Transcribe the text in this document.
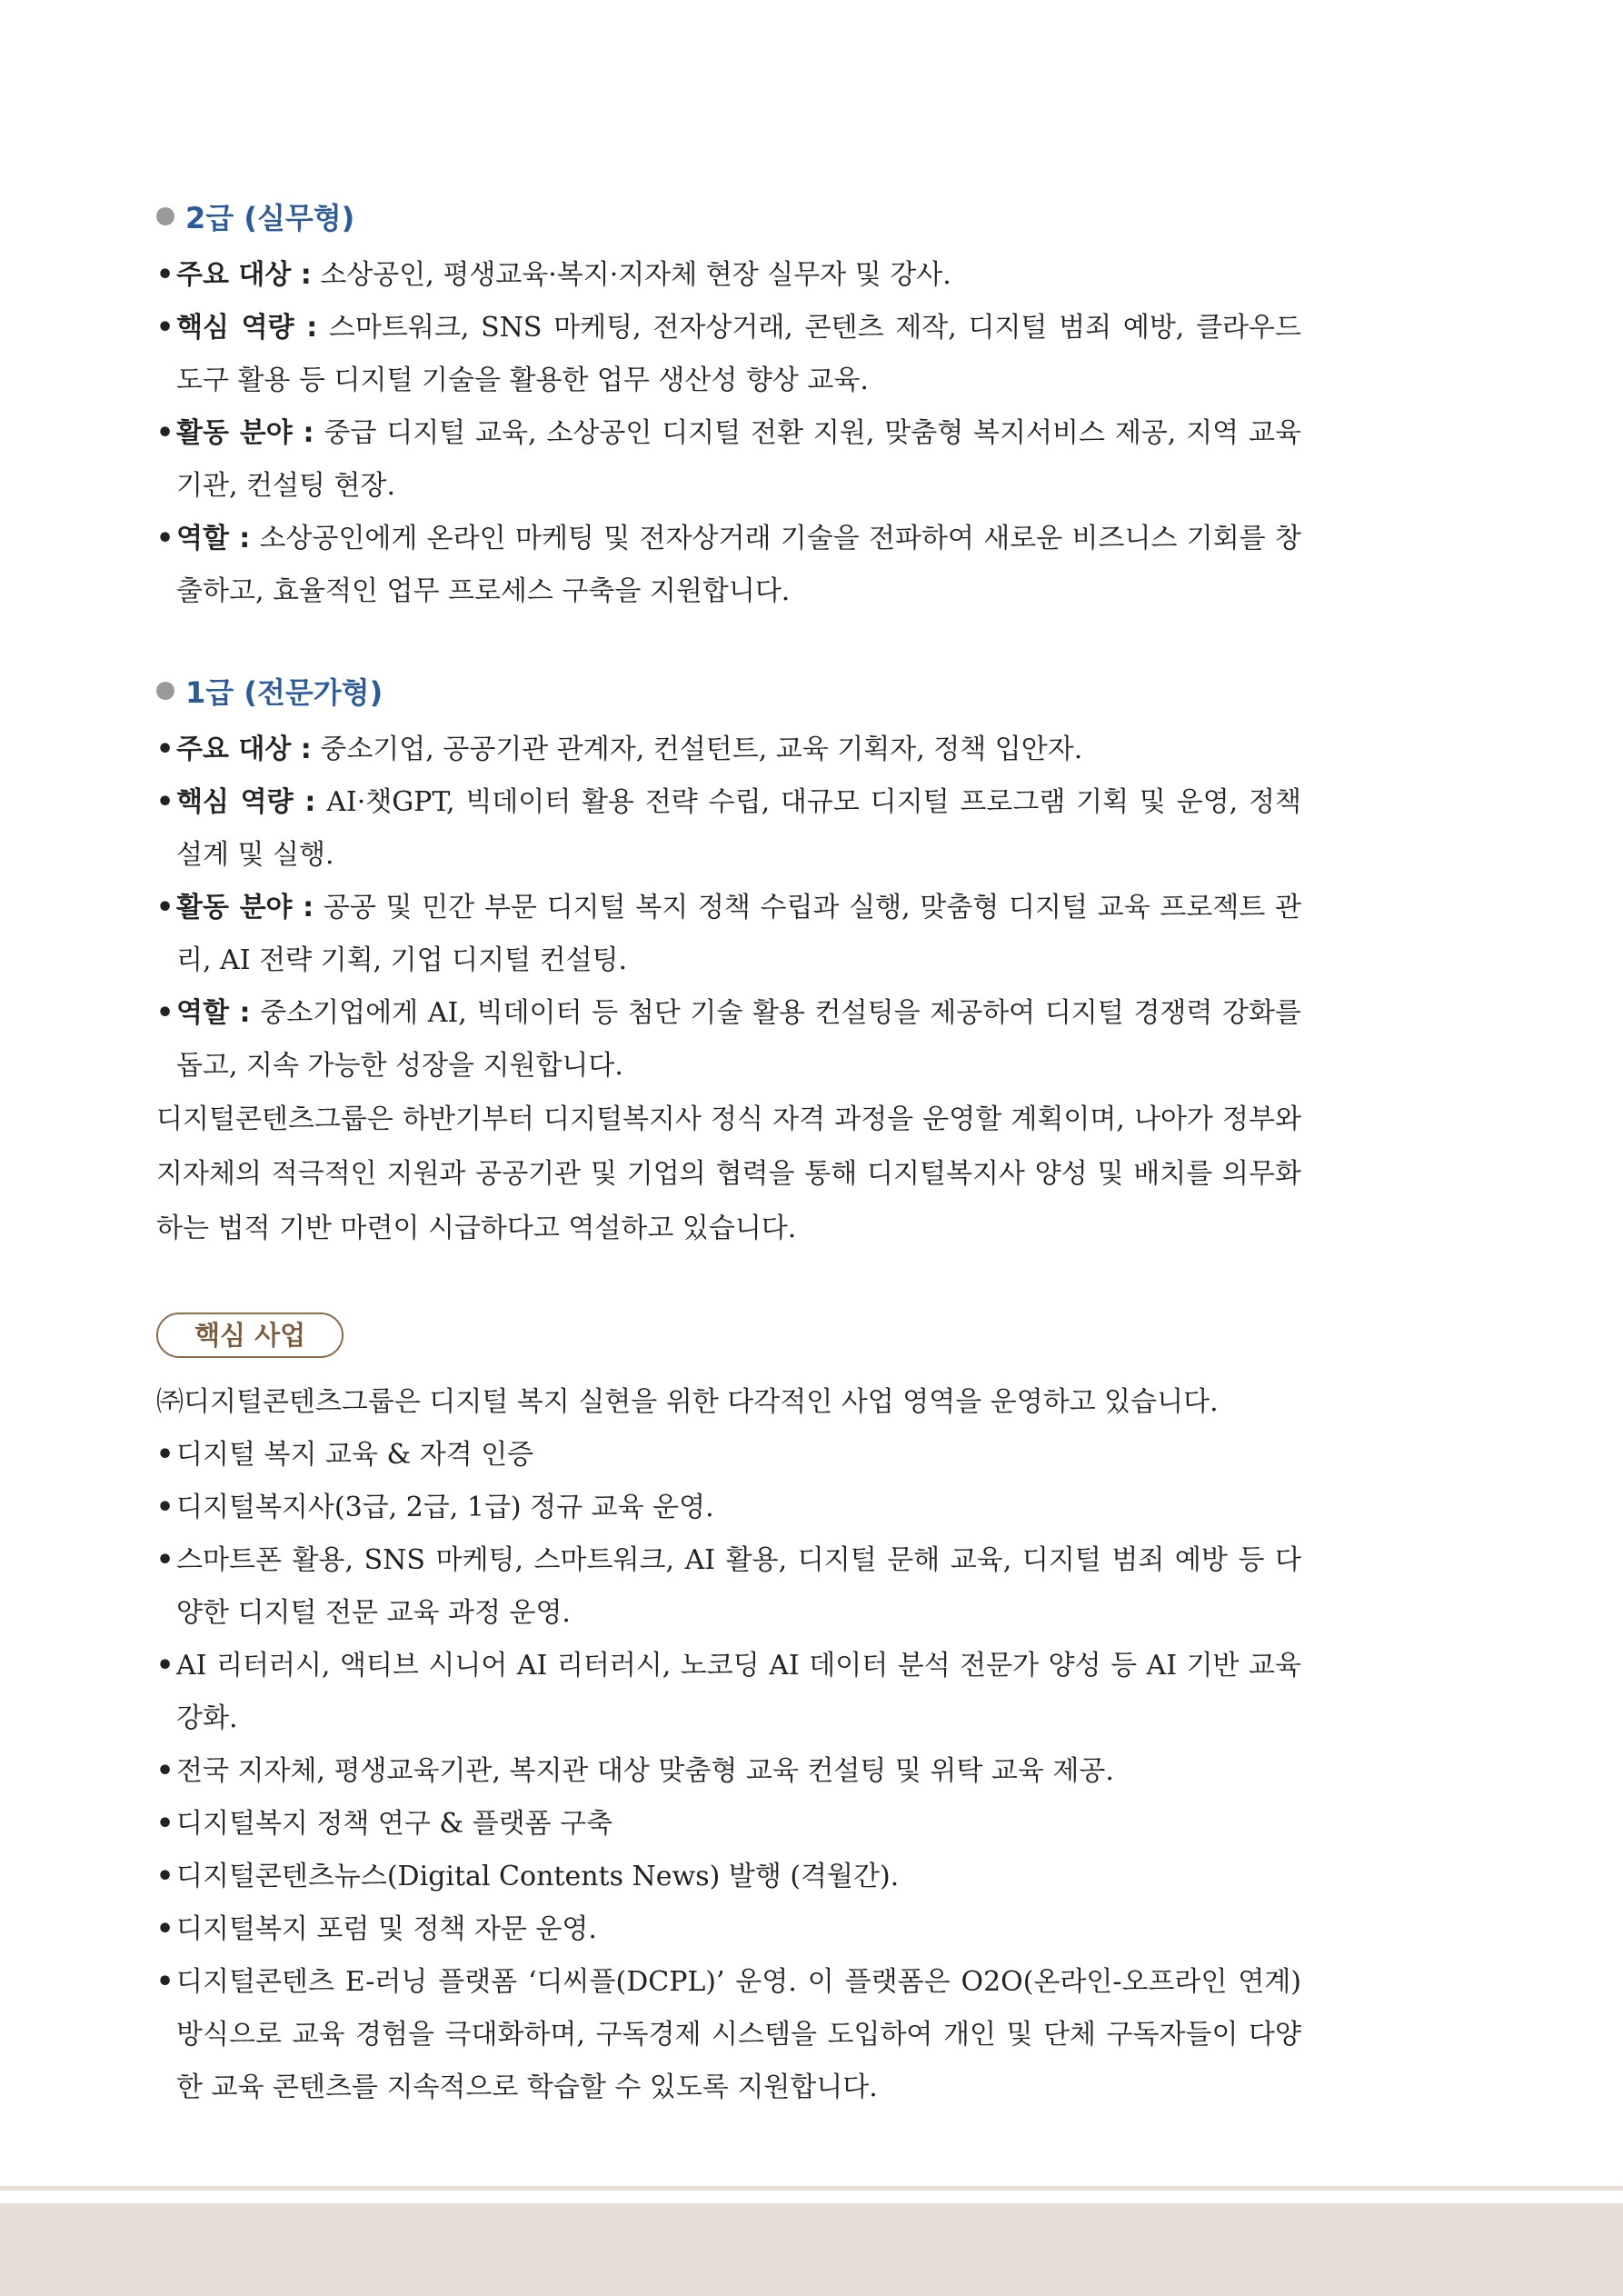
2급 (실무형)
• 주요 대상 : 소상공인, 평생교육·복지·지자체 현장 실무자 및 강사.
• 핵심 역량 : 스마트워크, SNS 마케팅, 전자상거래, 콘텐츠 제작, 디지털 범죄 예방, 클라우드 도구 활용 등 디지털 기술을 활용한 업무 생산성 향상 교육.
• 활동 분야 : 중급 디지털 교육, 소상공인 디지털 전환 지원, 맞춤형 복지서비스 제공, 지역 교육기관, 컨설팅 현장.
• 역할 : 소상공인에게 온라인 마케팅 및 전자상거래 기술을 전파하여 새로운 비즈니스 기회를 창출하고, 효율적인 업무 프로세스 구축을 지원합니다.
1급 (전문가형)
• 주요 대상 : 중소기업, 공공기관 관계자, 컨설턴트, 교육 기획자, 정책 입안자.
• 핵심 역량 : AI·챗GPT, 빅데이터 활용 전략 수립, 대규모 디지털 프로그램 기획 및 운영, 정책 설계 및 실행.
• 활동 분야 : 공공 및 민간 부문 디지털 복지 정책 수립과 실행, 맞춤형 디지털 교육 프로젝트 관리, AI 전략 기획, 기업 디지털 컨설팅.
• 역할 : 중소기업에게 AI, 빅데이터 등 첨단 기술 활용 컨설팅을 제공하여 디지털 경쟁력 강화를 돕고, 지속 가능한 성장을 지원합니다.

디지털콘텐츠그룹은 하반기부터 디지털복지사 정식 자격 과정을 운영할 계획이며, 나아가 정부와 지자체의 적극적인 지원과 공공기관 및 기업의 협력을 통해 디지털복지사 양성 및 배치를 의무화하는 법적 기반 마련이 시급하다고 역설하고 있습니다.

핵심 사업

㈜디지털콘텐츠그룹은 디지털 복지 실현을 위한 다각적인 사업 영역을 운영하고 있습니다.

• 디지털 복지 교육 & 자격 인증
• 디지털복지사(3급, 2급, 1급) 정규 교육 운영.
• 스마트폰 활용, SNS 마케팅, 스마트워크, AI 활용, 디지털 문해 교육, 디지털 범죄 예방 등 다양한 디지털 전문 교육 과정 운영.
• AI 리터러시, 액티브 시니어 AI 리터러시, 노코딩 AI 데이터 분석 전문가 양성 등 AI 기반 교육 강화.
• 전국 지자체, 평생교육기관, 복지관 대상 맞춤형 교육 컨설팅 및 위탁 교육 제공.
• 디지털복지 정책 연구 & 플랫폼 구축
• 디지털콘텐츠뉴스(Digital Contents News) 발행 (격월간).
• 디지털복지 포럼 및 정책 자문 운영.
• 디지털콘텐츠 E-러닝 플랫폼 ‘디씨플(DCPL)’ 운영. 이 플랫폼은 O2O(온라인-오프라인 연계) 방식으로 교육 경험을 극대화하며, 구독경제 시스템을 도입하여 개인 및 단체 구독자들이 다양한 교육 콘텐츠를 지속적으로 학습할 수 있도록 지원합니다.
